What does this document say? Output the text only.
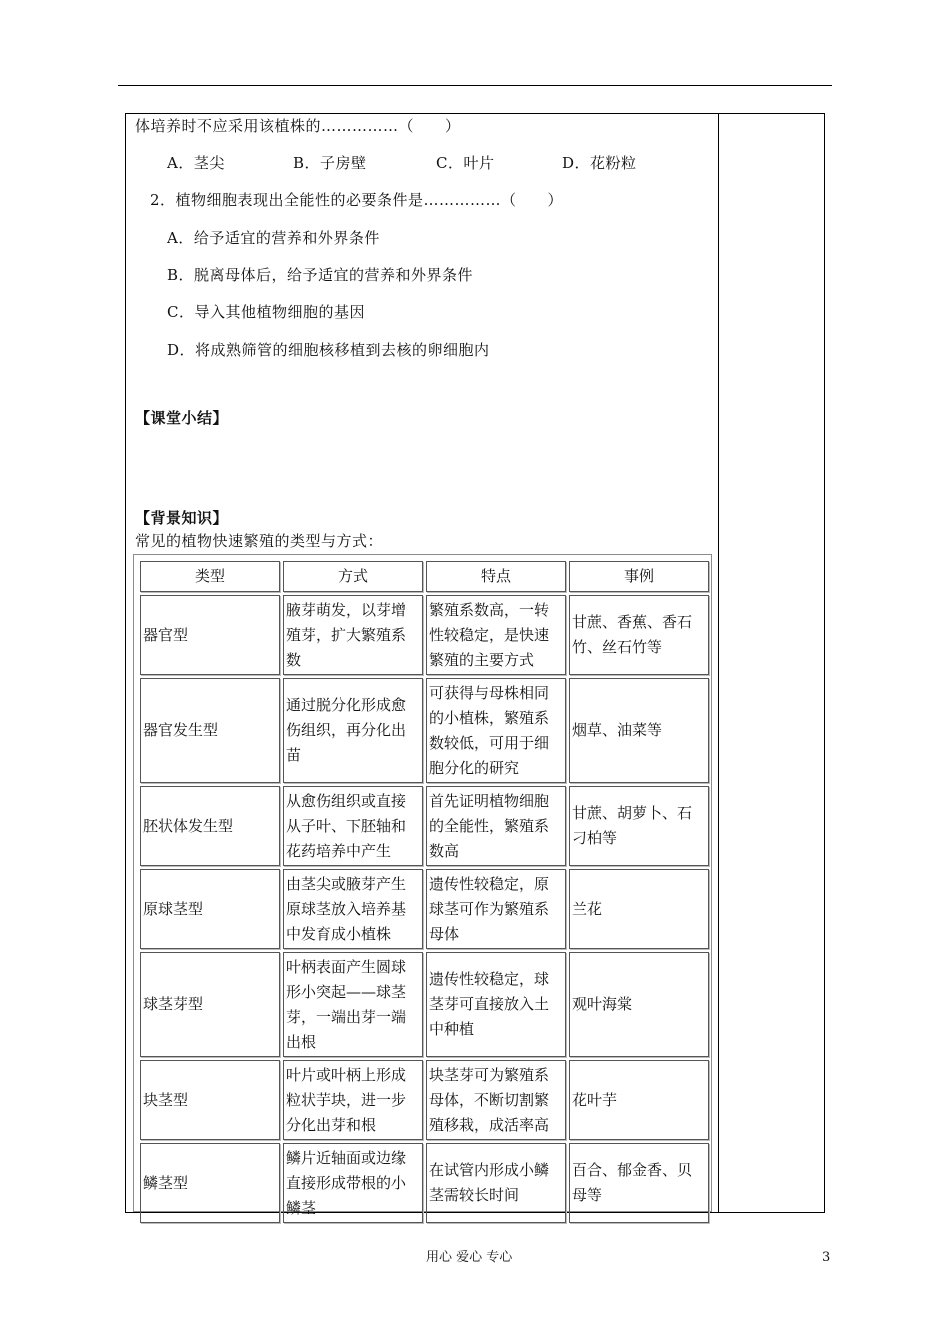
体培养时不应采用该植株的……………（　　）
A．茎尖	B．子房壁	C．叶片	D．花粉粒
2．植物细胞表现出全能性的必要条件是……………（　　）
A．给予适宜的营养和外界条件
B．脱离母体后，给予适宜的营养和外界条件
C．导入其他植物细胞的基因
D．将成熟筛管的细胞核移植到去核的卵细胞内
【课堂小结】
【背景知识】
常见的植物快速繁殖的类型与方式：
类型	方式	特点	事例
器官型	腋芽萌发，以芽增殖芽，扩大繁殖系数	繁殖系数高，一转性较稳定，是快速繁殖的主要方式	甘蔗、香蕉、香石竹、丝石竹等
器官发生型	通过脱分化形成愈伤组织，再分化出苗	可获得与母株相同的小植株，繁殖系数较低，可用于细胞分化的研究	烟草、油菜等
胚状体发生型	从愈伤组织或直接从子叶、下胚轴和花药培养中产生	首先证明植物细胞的全能性，繁殖系数高	甘蔗、胡萝卜、石刁柏等
原球茎型	由茎尖或腋芽产生原球茎放入培养基中发育成小植株	遗传性较稳定，原球茎可作为繁殖系母体	兰花
球茎芽型	叶柄表面产生圆球形小突起——球茎芽，一端出芽一端出根	遗传性较稳定，球茎芽可直接放入土中种植	观叶海棠
块茎型	叶片或叶柄上形成粒状芋块，进一步分化出芽和根	块茎芽可为繁殖系母体，不断切割繁殖移栽，成活率高	花叶芋
鳞茎型	鳞片近轴面或边缘直接形成带根的小鳞茎	在试管内形成小鳞茎需较长时间	百合、郁金香、贝母等
用心 爱心 专心	3
